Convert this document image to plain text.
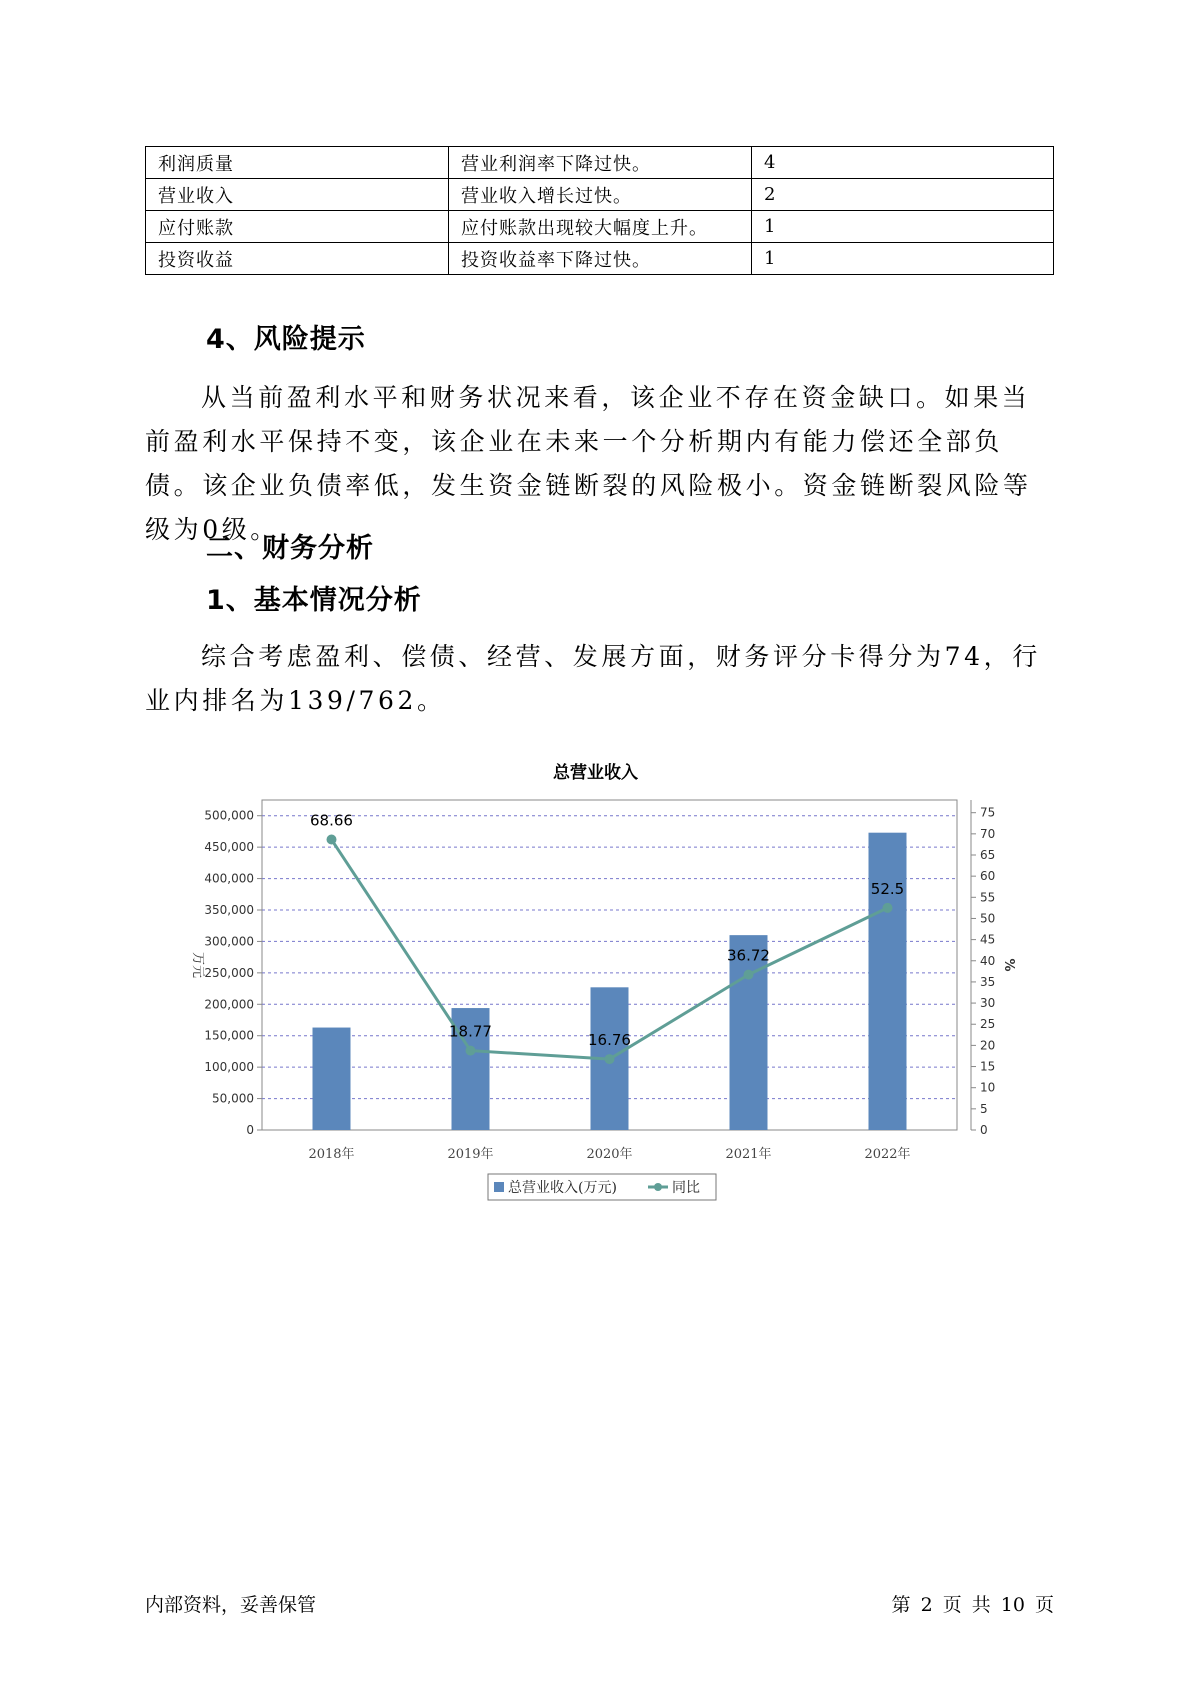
利润质量	营业利润率下降过快。	4
营业收入	营业收入增长过快。	2
应付账款	应付账款出现较大幅度上升。	1
投资收益	投资收益率下降过快。	1
4、风险提示

从当前盈利水平和财务状况来看，该企业不存在资金缺口。如果当前盈利水平保持不变，该企业在未来一个分析期内有能力偿还全部负债。该企业负债率低，发生资金链断裂的风险极小。资金链断裂风险等级为0级。

二、财务分析
1、基本情况分析

综合考虑盈利、偿债、经营、发展方面，财务评分卡得分为74，行业内排名为139/762。

总营业收入
0
50,000
100,000
150,000
200,000
250,000
300,000
350,000
400,000
450,000
500,000
0
5
10
15
20
25
30
35
40
45
50
55
60
65
70
75
万元	%
2018年	2019年	2020年	2021年	2022年
68.66
18.77	16.76
36.72
52.5
总营业收入(万元)	同比
内部资料，妥善保管	第 2 页 共 10 页
